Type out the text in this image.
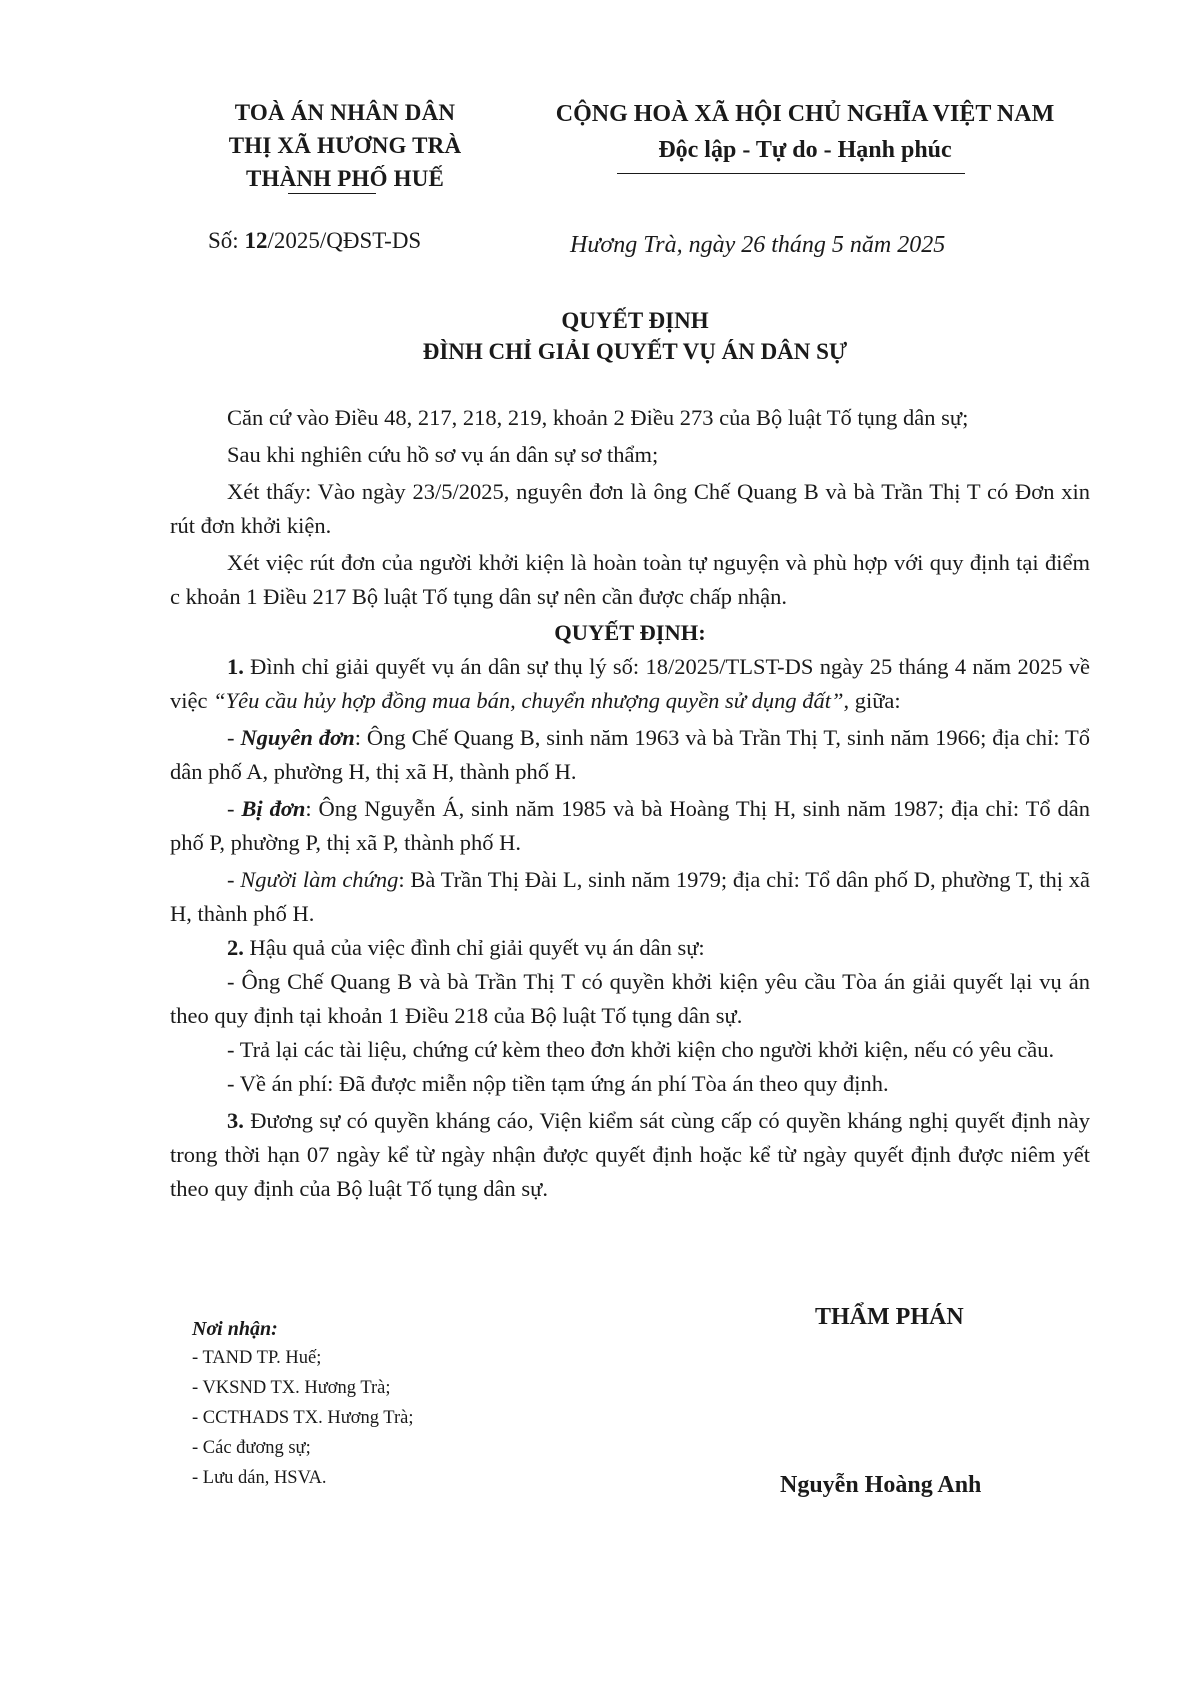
TOÀ ÁN NHÂN DÂN
THỊ XÃ HƯƠNG TRÀ
THÀNH PHỐ HUẾ
CỘNG HOÀ XÃ HỘI CHỦ NGHĨA VIỆT NAM
Độc lập - Tự do - Hạnh phúc
Số: 12/2025/QĐST-DS	Hương Trà, ngày 26 tháng 5 năm 2025
QUYẾT ĐỊNH
ĐÌNH CHỈ GIẢI QUYẾT VỤ ÁN DÂN SỰ

Căn cứ vào Điều 48, 217, 218, 219, khoản 2 Điều 273 của Bộ luật Tố tụng dân sự;

Sau khi nghiên cứu hồ sơ vụ án dân sự sơ thẩm;

Xét thấy: Vào ngày 23/5/2025, nguyên đơn là ông Chế Quang B và bà Trần Thị T có Đơn xin rút đơn khởi kiện.

Xét việc rút đơn của người khởi kiện là hoàn toàn tự nguyện và phù hợp với quy định tại điểm c khoản 1 Điều 217 Bộ luật Tố tụng dân sự nên cần được chấp nhận.

QUYẾT ĐỊNH:

1. Đình chỉ giải quyết vụ án dân sự thụ lý số: 18/2025/TLST-DS ngày 25 tháng 4 năm 2025 về việc “Yêu cầu hủy hợp đồng mua bán, chuyển nhượng quyền sử dụng đất”, giữa:

- Nguyên đơn: Ông Chế Quang B, sinh năm 1963 và bà Trần Thị T, sinh năm 1966; địa chỉ: Tổ dân phố A, phường H, thị xã H, thành phố H.

- Bị đơn: Ông Nguyễn Á, sinh năm 1985 và bà Hoàng Thị H, sinh năm 1987; địa chỉ: Tổ dân phố P, phường P, thị xã P, thành phố H.

- Người làm chứng: Bà Trần Thị Đài L, sinh năm 1979; địa chỉ: Tổ dân phố D, phường T, thị xã H, thành phố H.

2. Hậu quả của việc đình chỉ giải quyết vụ án dân sự:

- Ông Chế Quang B và bà Trần Thị T có quyền khởi kiện yêu cầu Tòa án giải quyết lại vụ án theo quy định tại khoản 1 Điều 218 của Bộ luật Tố tụng dân sự.

- Trả lại các tài liệu, chứng cứ kèm theo đơn khởi kiện cho người khởi kiện, nếu có yêu cầu.

- Về án phí: Đã được miễn nộp tiền tạm ứng án phí Tòa án theo quy định.

3. Đương sự có quyền kháng cáo, Viện kiểm sát cùng cấp có quyền kháng nghị quyết định này trong thời hạn 07 ngày kể từ ngày nhận được quyết định hoặc kể từ ngày quyết định được niêm yết theo quy định của Bộ luật Tố tụng dân sự.

Nơi nhận:
- TAND TP. Huế;
- VKSND TX. Hương Trà;
- CCTHADS TX. Hương Trà;
- Các đương sự;
- Lưu dán, HSVA.
THẨM PHÁN
Nguyễn Hoàng Anh
